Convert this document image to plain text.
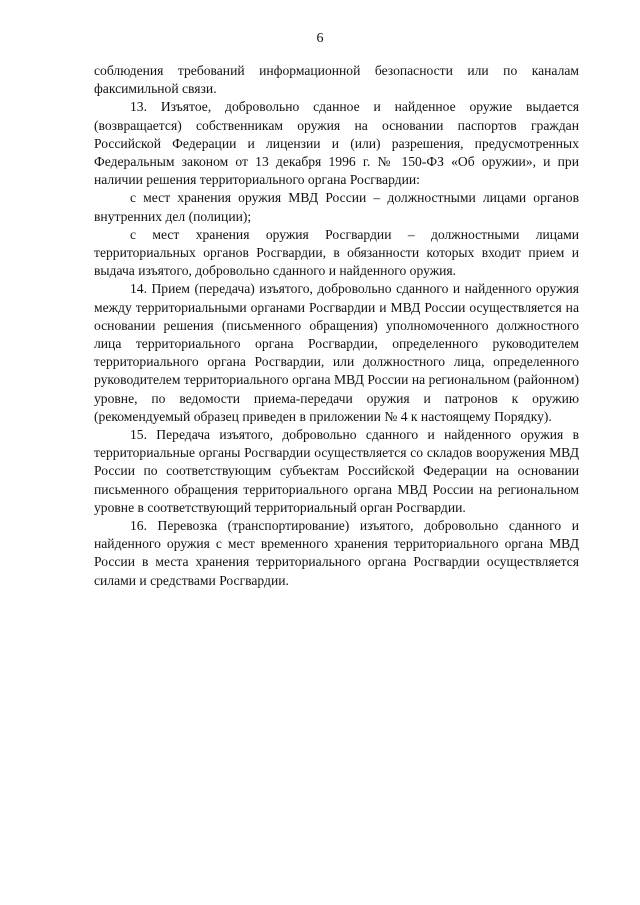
6

соблюдения требований информационной безопасности или по каналам факсимильной связи.

13. Изъятое, добровольно сданное и найденное оружие выдается (возвращается) собственникам оружия на основании паспортов граждан Российской Федерации и лицензии и (или) разрешения, предусмотренных Федеральным законом от 13 декабря 1996 г. № 150-ФЗ «Об оружии», и при наличии решения территориального органа Росгвардии:

с мест хранения оружия МВД России – должностными лицами органов внутренних дел (полиции);

с мест хранения оружия Росгвардии – должностными лицами территориальных органов Росгвардии, в обязанности которых входит прием и выдача изъятого, добровольно сданного и найденного оружия.

14. Прием (передача) изъятого, добровольно сданного и найденного оружия между территориальными органами Росгвардии и МВД России осуществляется на основании решения (письменного обращения) уполномоченного должностного лица территориального органа Росгвардии, определенного руководителем территориального органа Росгвардии, или должностного лица, определенного руководителем территориального органа МВД России на региональном (районном) уровне, по ведомости приема-передачи оружия и патронов к оружию (рекомендуемый образец приведен в приложении № 4 к настоящему Порядку).

15. Передача изъятого, добровольно сданного и найденного оружия в территориальные органы Росгвардии осуществляется со складов вооружения МВД России по соответствующим субъектам Российской Федерации на основании письменного обращения территориального органа МВД России на региональном уровне в соответствующий территориальный орган Росгвардии.

16. Перевозка (транспортирование) изъятого, добровольно сданного и найденного оружия с мест временного хранения территориального органа МВД России в места хранения территориального органа Росгвардии осуществляется силами и средствами Росгвардии.
